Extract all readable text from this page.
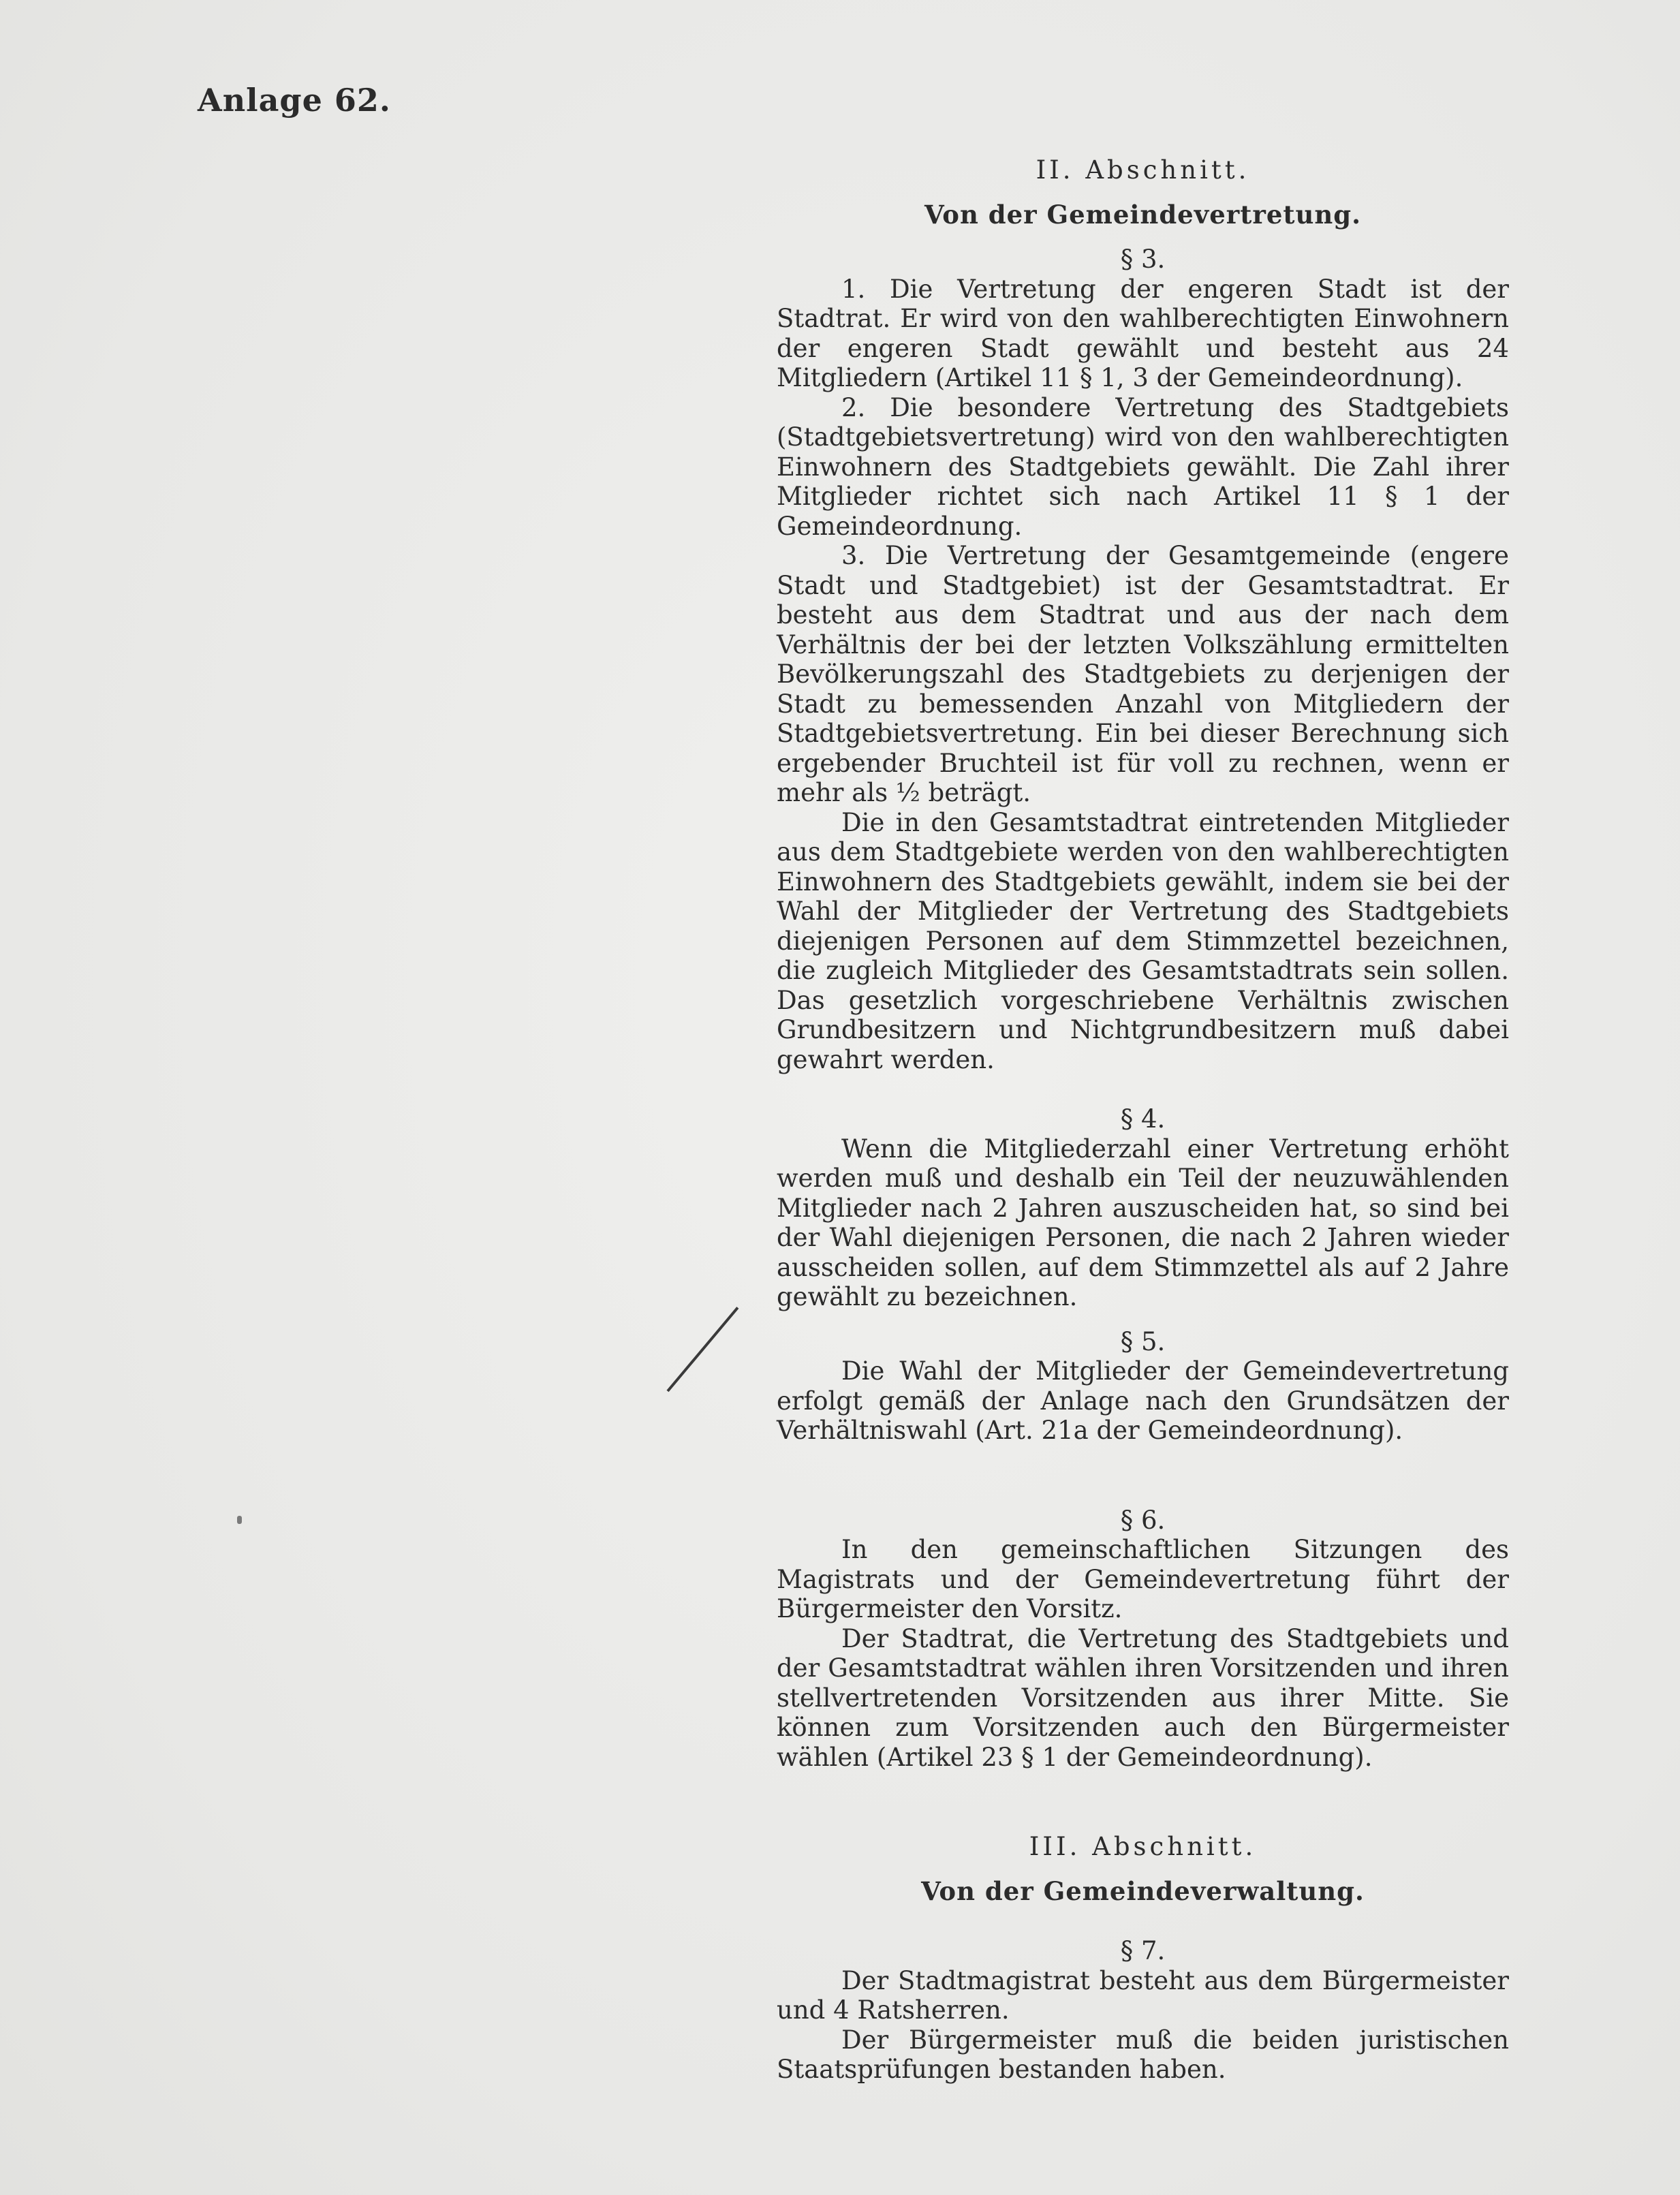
Anlage 62.
II. Abschnitt.
Von der Gemeindevertretung.
§ 3.

1. Die Vertretung der engeren Stadt ist der Stadtrat. Er wird von den wahlberechtigten Einwohnern der engeren Stadt gewählt und besteht aus 24 Mitgliedern (Artikel 11 § 1, 3 der Gemeindeordnung).

2. Die besondere Vertretung des Stadtgebiets (Stadtgebietsvertretung) wird von den wahlberechtigten Einwohnern des Stadtgebiets gewählt. Die Zahl ihrer Mitglieder richtet sich nach Artikel 11 § 1 der Gemeindeordnung.

3. Die Vertretung der Gesamtgemeinde (engere Stadt und Stadtgebiet) ist der Gesamtstadtrat. Er besteht aus dem Stadtrat und aus der nach dem Verhältnis der bei der letzten Volkszählung ermittelten Bevölkerungszahl des Stadtgebiets zu derjenigen der Stadt zu bemessenden Anzahl von Mitgliedern der Stadtgebietsvertretung. Ein bei dieser Berechnung sich ergebender Bruchteil ist für voll zu rechnen, wenn er mehr als ½ beträgt.

Die in den Gesamtstadtrat eintretenden Mitglieder aus dem Stadtgebiete werden von den wahlberechtigten Einwohnern des Stadtgebiets gewählt, indem sie bei der Wahl der Mitglieder der Vertretung des Stadtgebiets diejenigen Personen auf dem Stimmzettel bezeichnen, die zugleich Mitglieder des Gesamtstadtrats sein sollen. Das gesetzlich vorgeschriebene Verhältnis zwischen Grundbesitzern und Nichtgrundbesitzern muß dabei gewahrt werden.

§ 4.

Wenn die Mitgliederzahl einer Vertretung erhöht werden muß und deshalb ein Teil der neuzuwählenden Mitglieder nach 2 Jahren auszuscheiden hat, so sind bei der Wahl diejenigen Personen, die nach 2 Jahren wieder ausscheiden sollen, auf dem Stimmzettel als auf 2 Jahre gewählt zu bezeichnen.

§ 5.

Die Wahl der Mitglieder der Gemeindevertretung erfolgt gemäß der Anlage nach den Grundsätzen der Verhältniswahl (Art. 21a der Gemeindeordnung).

§ 6.

In den gemeinschaftlichen Sitzungen des Magistrats und der Gemeindevertretung führt der Bürgermeister den Vorsitz.

Der Stadtrat, die Vertretung des Stadtgebiets und der Gesamtstadtrat wählen ihren Vorsitzenden und ihren stellvertretenden Vorsitzenden aus ihrer Mitte. Sie können zum Vorsitzenden auch den Bürgermeister wählen (Artikel 23 § 1 der Gemeindeordnung).

III. Abschnitt.
Von der Gemeindeverwaltung.
§ 7.

Der Stadtmagistrat besteht aus dem Bürgermeister und 4 Ratsherren.

Der Bürgermeister muß die beiden juristischen Staatsprüfungen bestanden haben.
